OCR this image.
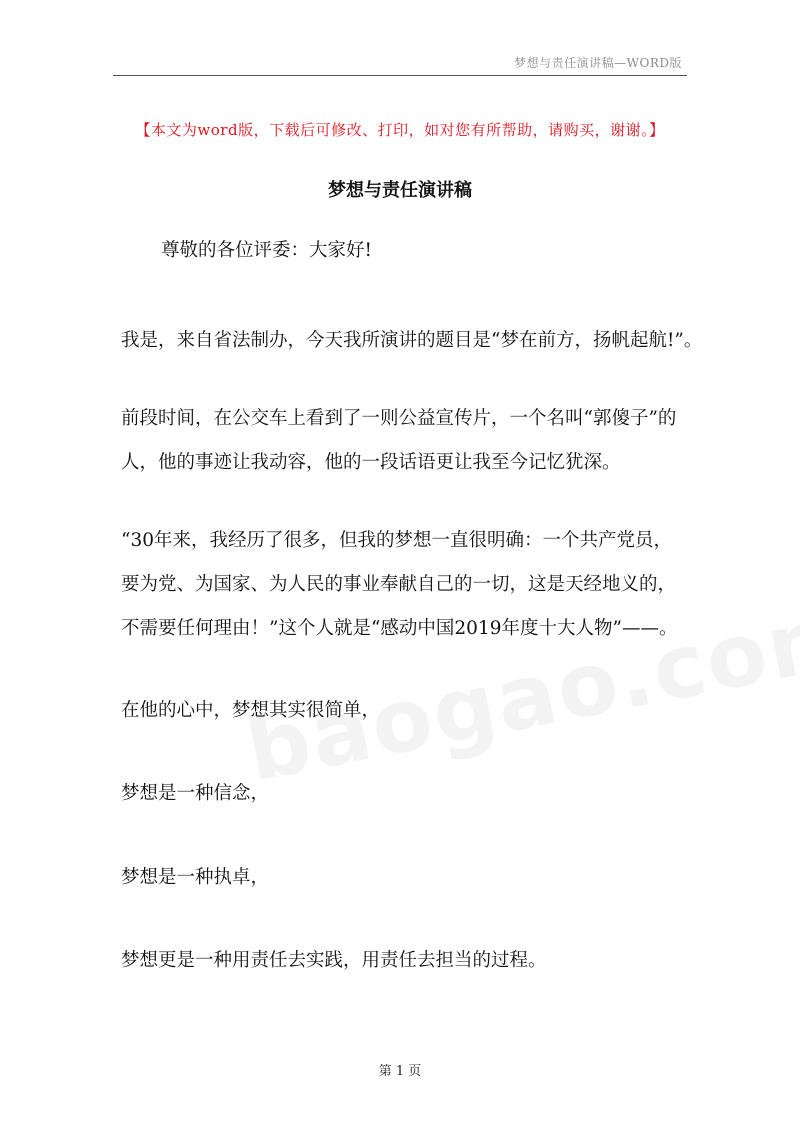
梦想与责任演讲稿—WORD版
【本文为word版，下载后可修改、打印，如对您有所帮助，请购买，谢谢。】
梦想与责任演讲稿
尊敬的各位评委：大家好!
我是，来自省法制办，今天我所演讲的题目是“梦在前方，扬帆起航!”。
前段时间，在公交车上看到了一则公益宣传片，一个名叫“郭傻子”的
人，他的事迹让我动容，他的一段话语更让我至今记忆犹深。
“30年来，我经历了很多，但我的梦想一直很明确：一个共产党员，
要为党、为国家、为人民的事业奉献自己的一切，这是天经地义的，
不需要任何理由！”这个人就是“感动中国2019年度十大人物”——。
在他的心中，梦想其实很简单，
梦想是一种信念，
梦想是一种执卓，
梦想更是一种用责任去实践，用责任去担当的过程。
第 1 页
